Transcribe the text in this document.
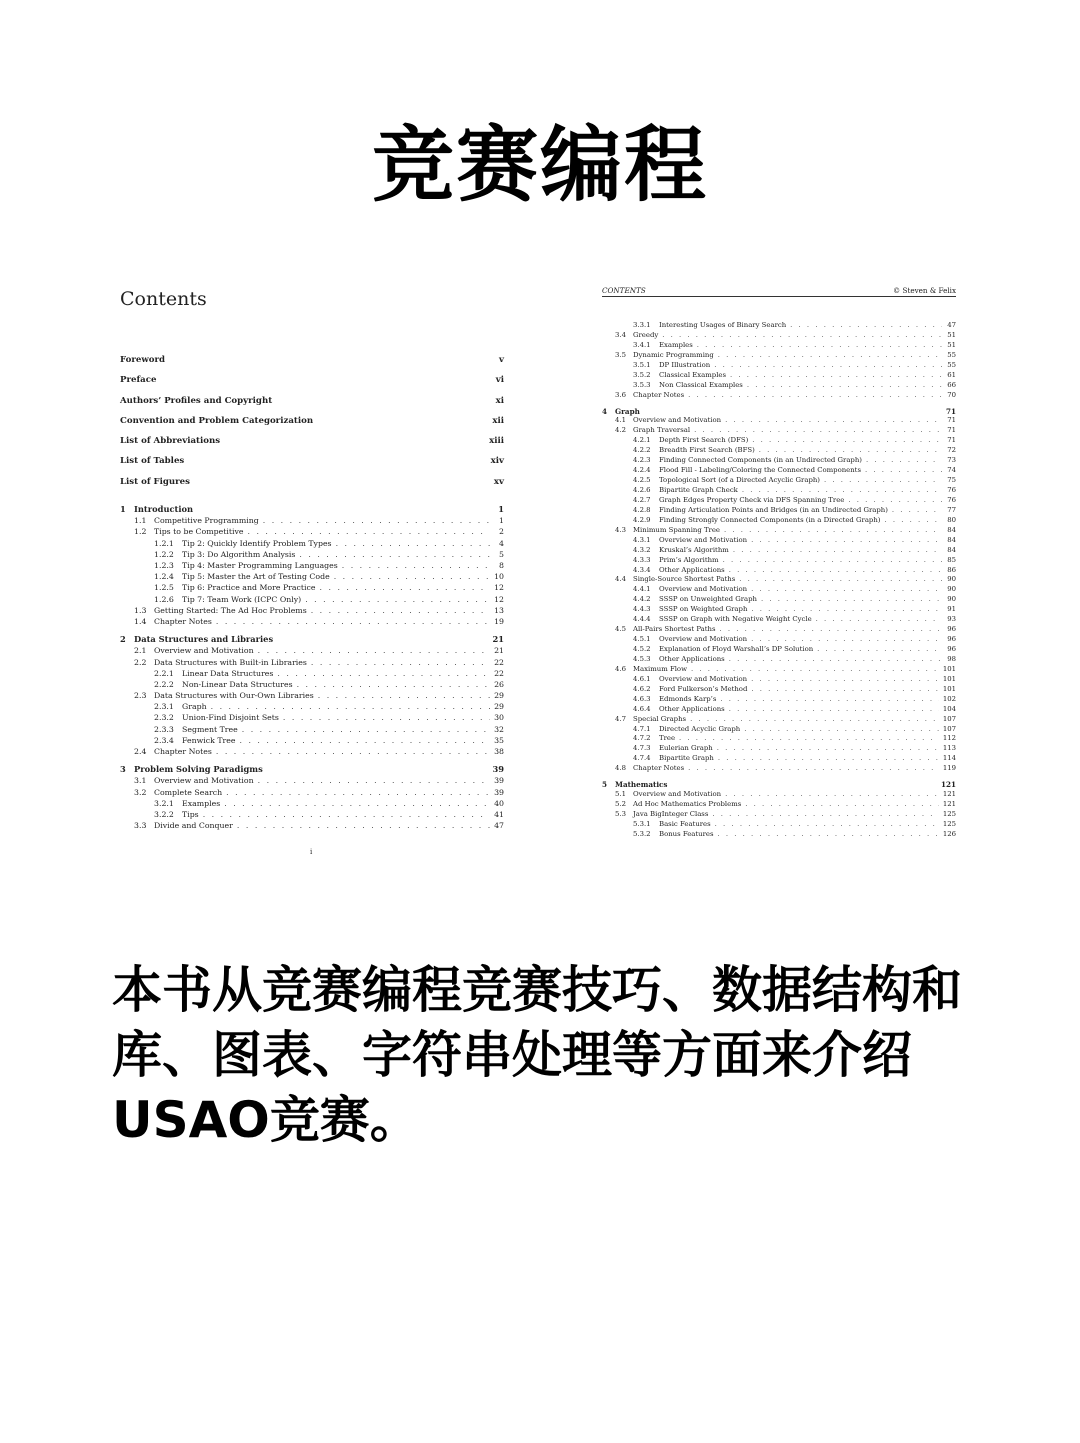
竞赛编程
Contents
Foreword	v
Preface	vi
Authors’ Profiles and Copyright	xi
Convention and Problem Categorization	xii
List of Abbreviations	xiii
List of Tables	xiv
List of Figures	xv
1 Introduction	1
1.1 Competitive Programming . . .	1
1.2 Tips to be Competitive . . .	2
1.2.1	Tip 2: Quickly Identify Problem Types . . .	4
1.2.2	Tip 3: Do Algorithm Analysis . . .	5
1.2.3	Tip 4: Master Programming Languages . . .	8
1.2.4	Tip 5: Master the Art of Testing Code . . .	10
1.2.5	Tip 6: Practice and More Practice . . .	12
1.2.6	Tip 7: Team Work (ICPC Only) . . .	12
1.3 Getting Started: The Ad Hoc Problems . . .	13
1.4 Chapter Notes . . .	19
2 Data Structures and Libraries	21
2.1 Overview and Motivation . . .	21
2.2 Data Structures with Built-in Libraries . . .	22
2.2.1	Linear Data Structures . . .	22
2.2.2	Non-Linear Data Structures . . .	26
2.3 Data Structures with Our-Own Libraries . . .	29
2.3.1	Graph . . .	29
2.3.2	Union-Find Disjoint Sets . . .	30
2.3.3	Segment Tree . . .	32
2.3.4	Fenwick Tree . . .	35
2.4 Chapter Notes . . .	38
3 Problem Solving Paradigms	39
3.1 Overview and Motivation . . .	39
3.2 Complete Search . . .	39
3.2.1	Examples . . .	40
3.2.2	Tips . . .	41
3.3 Divide and Conquer . . .	47
i
CONTENTS	© Steven & Felix
3.3.1	Interesting Usages of Binary Search . . .	47
3.4	Greedy . . .	51
3.4.1	Examples . . .	51
3.5	Dynamic Programming . . .	55
3.5.1	DP Illustration . . .	55
3.5.2	Classical Examples . . .	61
3.5.3	Non Classical Examples . . .	66
3.6	Chapter Notes . . .	70
4	Graph	71
4.1	Overview and Motivation . . .	71
4.2	Graph Traversal . . .	71
4.2.1	Depth First Search (DFS) . . .	71
4.2.2	Breadth First Search (BFS) . . .	72
4.2.3	Finding Connected Components (in an Undirected Graph) . . .	73
4.2.4	Flood Fill - Labeling/Coloring the Connected Components . . .	74
4.2.5	Topological Sort (of a Directed Acyclic Graph) . . .	75
4.2.6	Bipartite Graph Check . . .	76
4.2.7	Graph Edges Property Check via DFS Spanning Tree . . .	76
4.2.8	Finding Articulation Points and Bridges (in an Undirected Graph) . . .	77
4.2.9	Finding Strongly Connected Components (in a Directed Graph) . . .	80
4.3	Minimum Spanning Tree . . .	84
4.3.1	Overview and Motivation . . .	84
4.3.2	Kruskal’s Algorithm . . .	84
4.3.3	Prim’s Algorithm . . .	85
4.3.4	Other Applications . . .	86
4.4	Single-Source Shortest Paths . . .	90
4.4.1	Overview and Motivation . . .	90
4.4.2	SSSP on Unweighted Graph . . .	90
4.4.3	SSSP on Weighted Graph . . .	91
4.4.4	SSSP on Graph with Negative Weight Cycle . . .	93
4.5	All-Pairs Shortest Paths . . .	96
4.5.1	Overview and Motivation . . .	96
4.5.2	Explanation of Floyd Warshall’s DP Solution . . .	96
4.5.3	Other Applications . . .	98
4.6	Maximum Flow . . .	101
4.6.1	Overview and Motivation . . .	101
4.6.2	Ford Fulkerson’s Method . . .	101
4.6.3	Edmonds Karp’s . . .	102
4.6.4	Other Applications . . .	104
4.7	Special Graphs . . .	107
4.7.1	Directed Acyclic Graph . . .	107
4.7.2	Tree . . .	112
4.7.3	Eulerian Graph . . .	113
4.7.4	Bipartite Graph . . .	114
4.8	Chapter Notes . . .	119
5	Mathematics	121
5.1	Overview and Motivation . . .	121
5.2	Ad Hoc Mathematics Problems . . .	121
5.3	Java BigInteger Class . . .	125
5.3.1	Basic Features . . .	125
5.3.2	Bonus Features . . .	126
本书从竞赛编程竞赛技巧、数据结构和库、图表、字符串处理等方面来介绍USAO竞赛。
